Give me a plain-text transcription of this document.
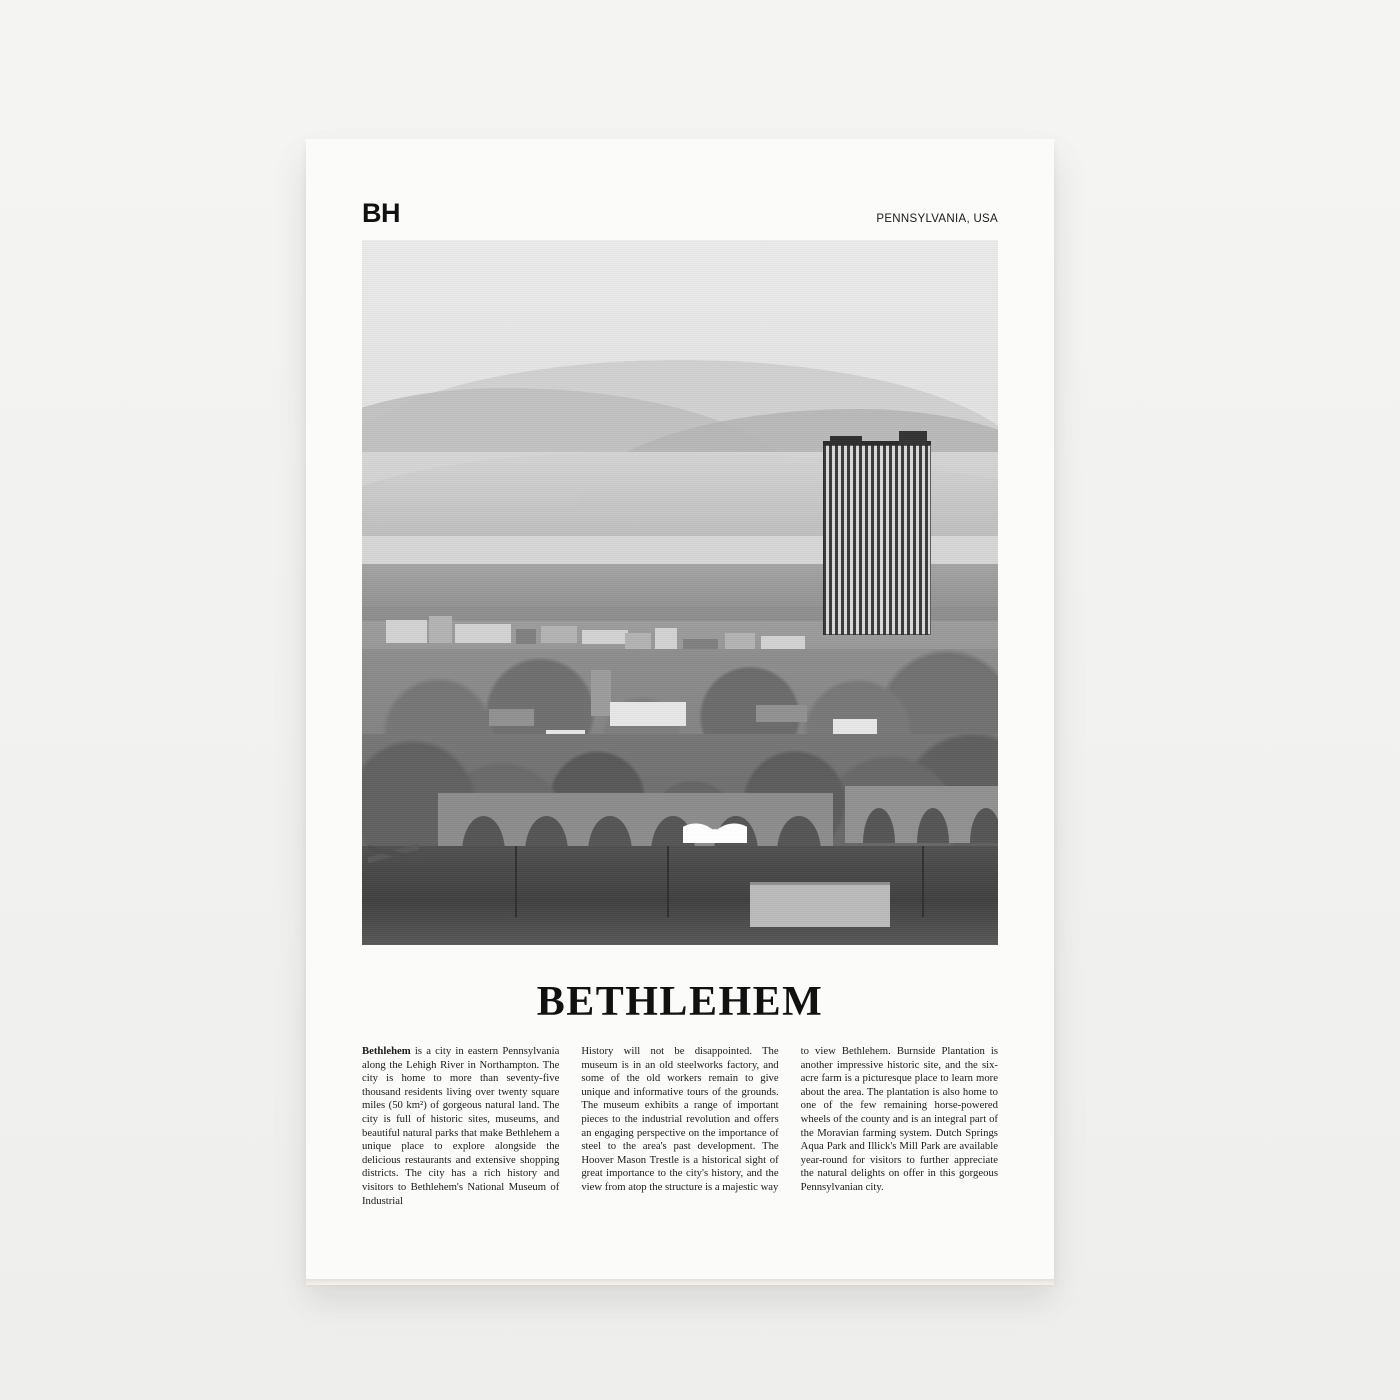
BH	PENNSYLVANIA, USA
BETHLEHEM
Bethlehem is a city in eastern Pennsylvania along the Lehigh River in Northampton. The city is home to more than seventy-five thousand residents living over twenty square miles (50 km²) of gorgeous natural land. The city is full of historic sites, museums, and beautiful natural parks that make Bethlehem a unique place to explore alongside the delicious restaurants and extensive shopping districts. The city has a rich history and visitors to Bethlehem's National Museum of Industrial
History will not be disappointed. The museum is in an old steelworks factory, and some of the old workers remain to give unique and informative tours of the grounds. The museum exhibits a range of important pieces to the industrial revolution and offers an engaging perspective on the importance of steel to the area's past development. The Hoover Mason Trestle is a historical sight of great importance to the city's history, and the view from atop the structure is a majestic way
to view Bethlehem. Burnside Plantation is another impressive historic site, and the six-acre farm is a picturesque place to learn more about the area. The plantation is also home to one of the few remaining horse-powered wheels of the county and is an integral part of the Moravian farming system. Dutch Springs Aqua Park and Illick's Mill Park are available year-round for visitors to further appreciate the natural delights on offer in this gorgeous Pennsylvanian city.
